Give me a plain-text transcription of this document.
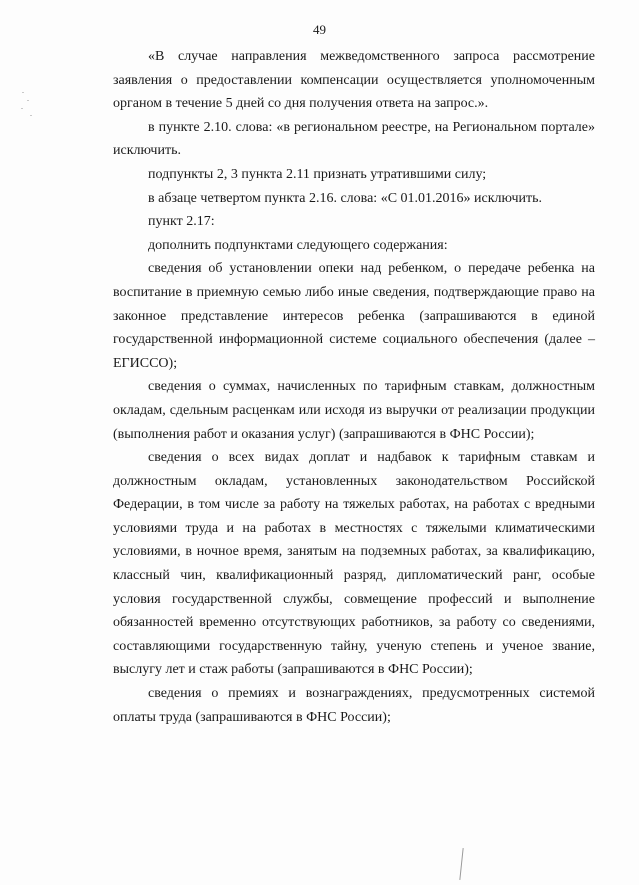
49

«В случае направления межведомственного запроса рассмотрение заявления о предоставлении компенсации осуществляется уполномоченным органом в течение 5 дней со дня получения ответа на запрос.».

в пункте 2.10. слова: «в региональном реестре, на Региональном портале» исключить.

подпункты 2, 3 пункта 2.11 признать утратившими силу;

в абзаце четвертом пункта 2.16. слова: «С 01.01.2016» исключить.

пункт 2.17:

дополнить подпунктами следующего содержания:

сведения об установлении опеки над ребенком, о передаче ребенка на воспитание в приемную семью либо иные сведения, подтверждающие право на законное представление интересов ребенка (запрашиваются в единой государственной информационной системе социального обеспечения (далее – ЕГИССО);

сведения о суммах, начисленных по тарифным ставкам, должностным окладам, сдельным расценкам или исходя из выручки от реализации продукции (выполнения работ и оказания услуг) (запрашиваются в ФНС России);

сведения о всех видах доплат и надбавок к тарифным ставкам и должностным окладам, установленных законодательством Российской Федерации, в том числе за работу на тяжелых работах, на работах с вредными условиями труда и на работах в местностях с тяжелыми климатическими условиями, в ночное время, занятым на подземных работах, за квалификацию, классный чин, квалификационный разряд, дипломатический ранг, особые условия государственной службы, совмещение профессий и выполнение обязанностей временно отсутствующих работников, за работу со сведениями, составляющими государственную тайну, ученую степень и ученое звание, выслугу лет и стаж работы (запрашиваются в ФНС России);

сведения о премиях и вознаграждениях, предусмотренных системой оплаты труда (запрашиваются в ФНС России);
